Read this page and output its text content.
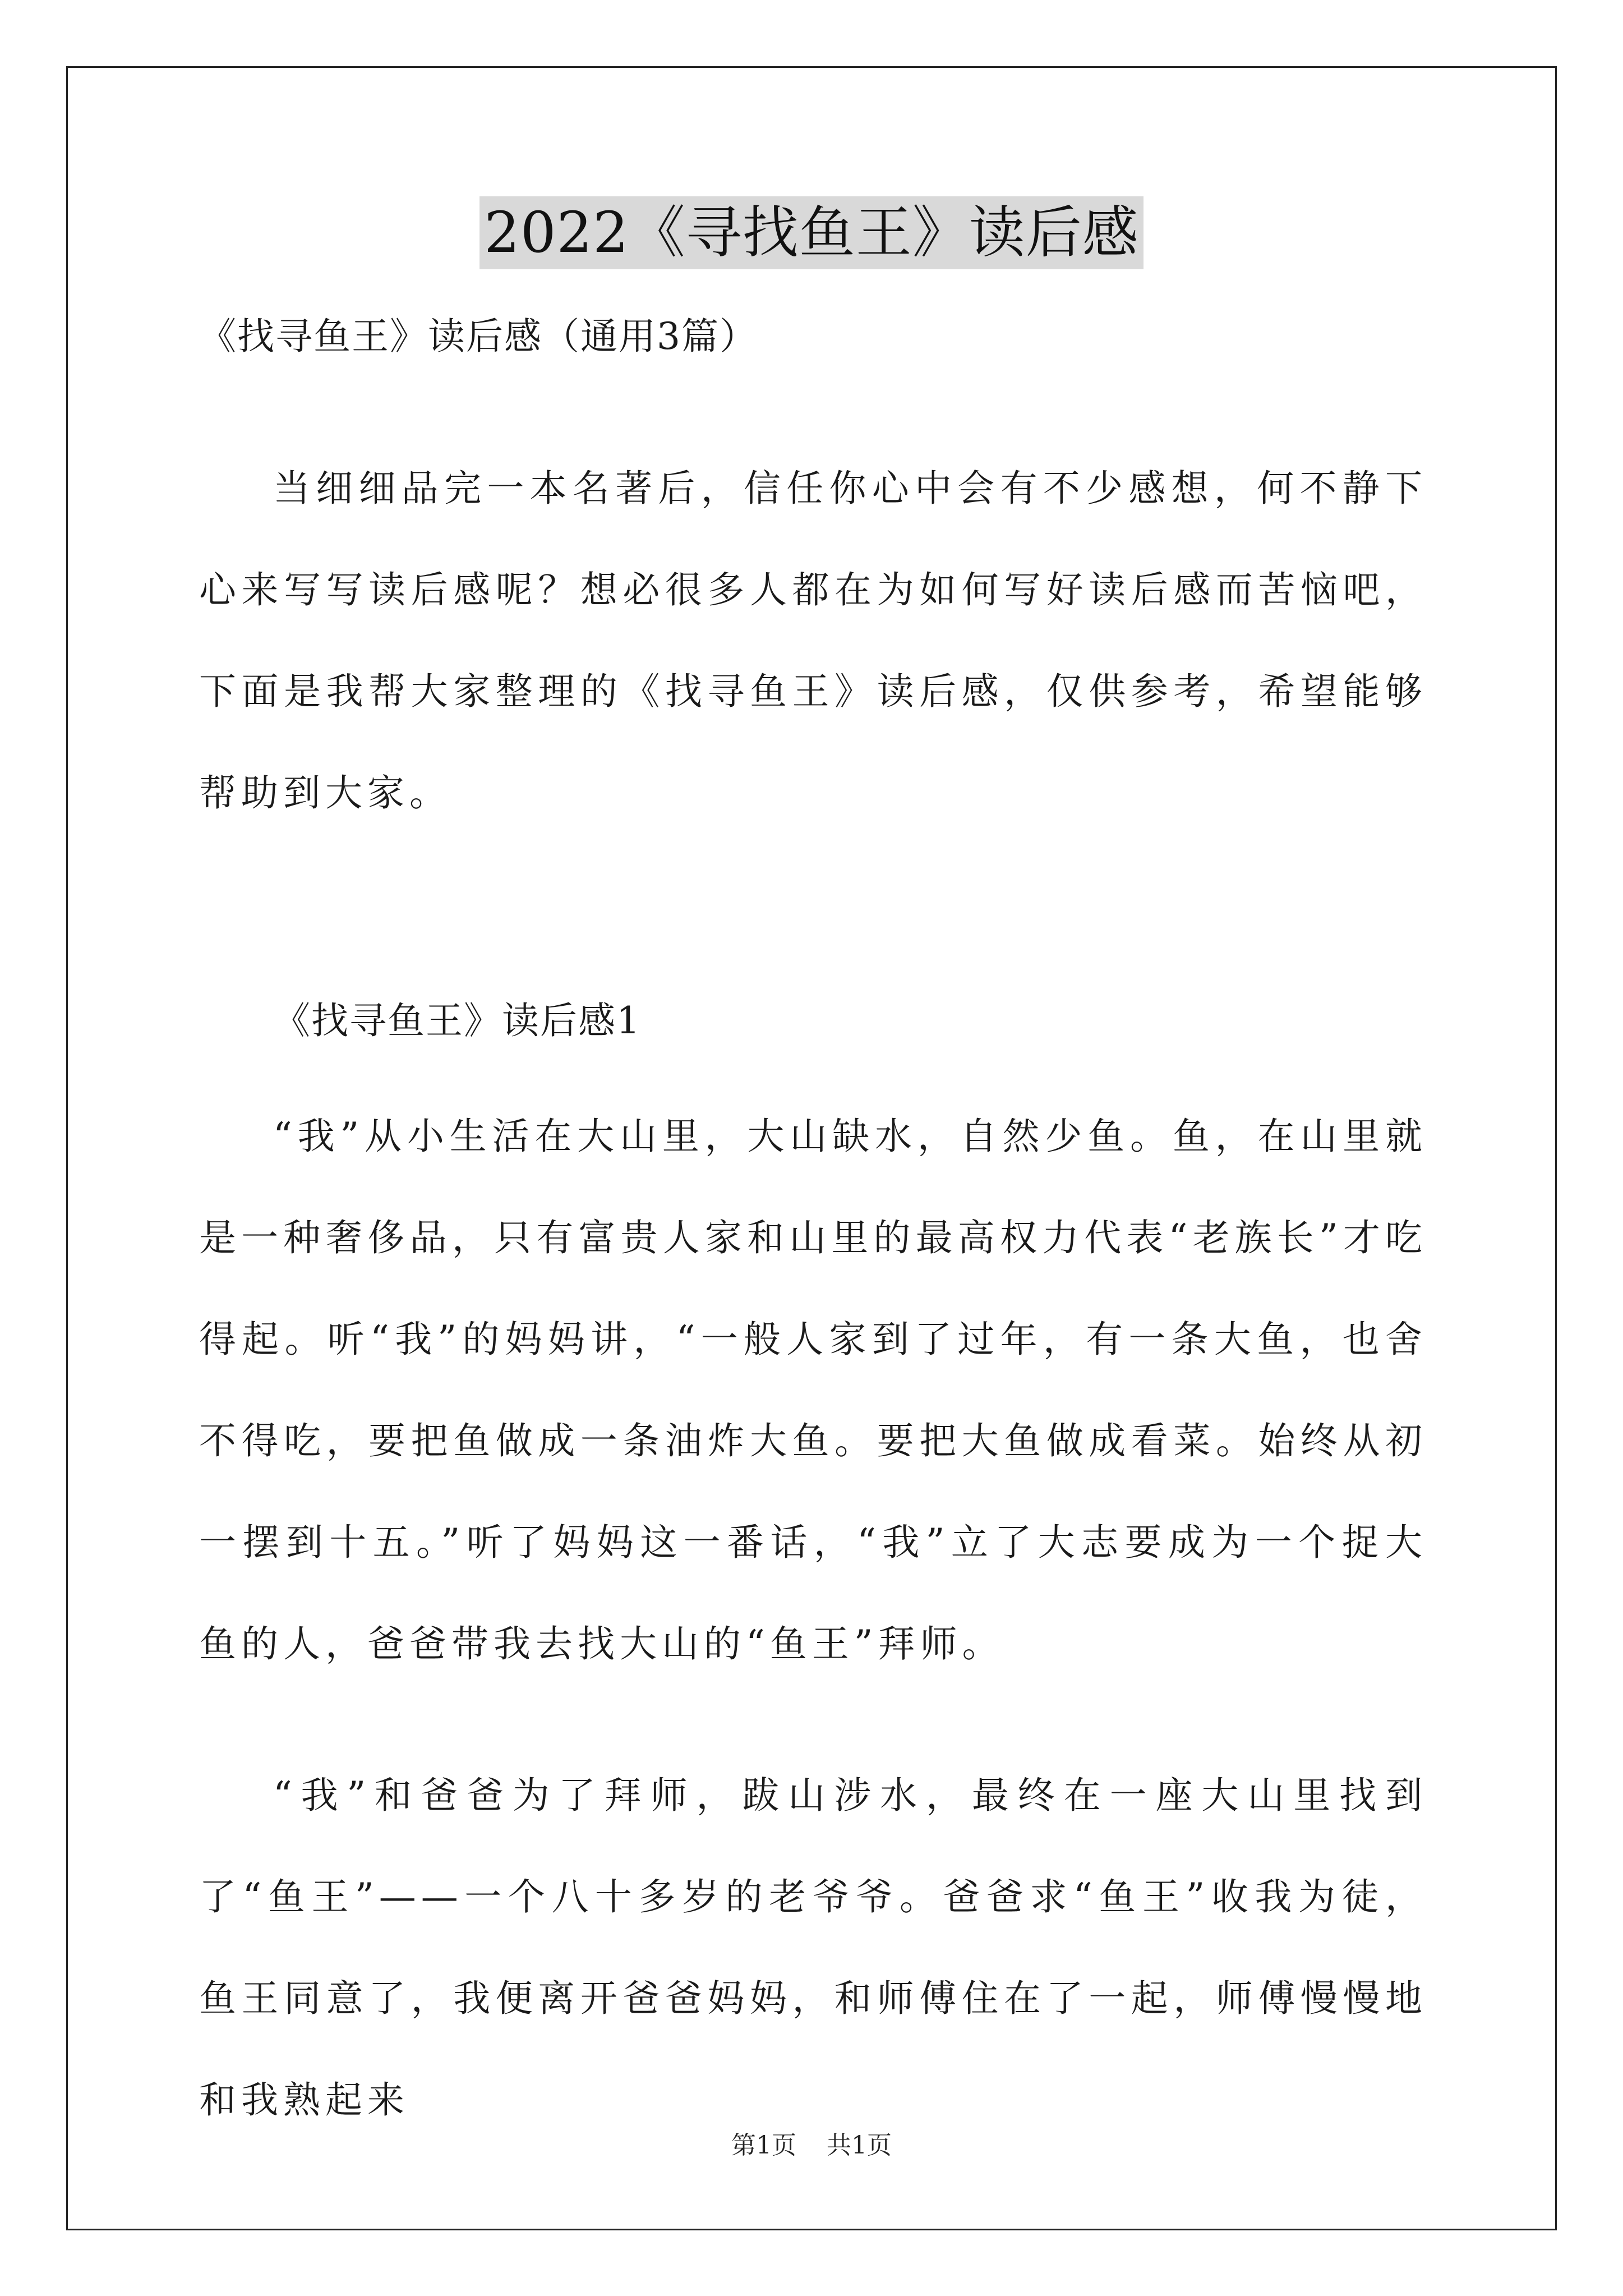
2022《寻找鱼王》读后感
《找寻鱼王》读后感（通用3篇）

当细细品完一本名著后，信任你心中会有不少感想，何不静下心来写写读后感呢？想必很多人都在为如何写好读后感而苦恼吧，下面是我帮大家整理的《找寻鱼王》读后感，仅供参考，希望能够帮助到大家。

《找寻鱼王》读后感1

“我”从小生活在大山里，大山缺水，自然少鱼。鱼，在山里就是一种奢侈品，只有富贵人家和山里的最高权力代表“老族长”才吃得起。听“我”的妈妈讲，“一般人家到了过年，有一条大鱼，也舍不得吃，要把鱼做成一条油炸大鱼。要把大鱼做成看菜。始终从初一摆到十五。”听了妈妈这一番话，“我”立了大志要成为一个捉大鱼的人，爸爸带我去找大山的“鱼王”拜师。

“我”和爸爸为了拜师，跋山涉水，最终在一座大山里找到了“鱼王”——一个八十多岁的老爷爷。爸爸求“鱼王”收我为徒，鱼王同意了，我便离开爸爸妈妈，和师傅住在了一起，师傅慢慢地和我熟起来

第1页 共1页
